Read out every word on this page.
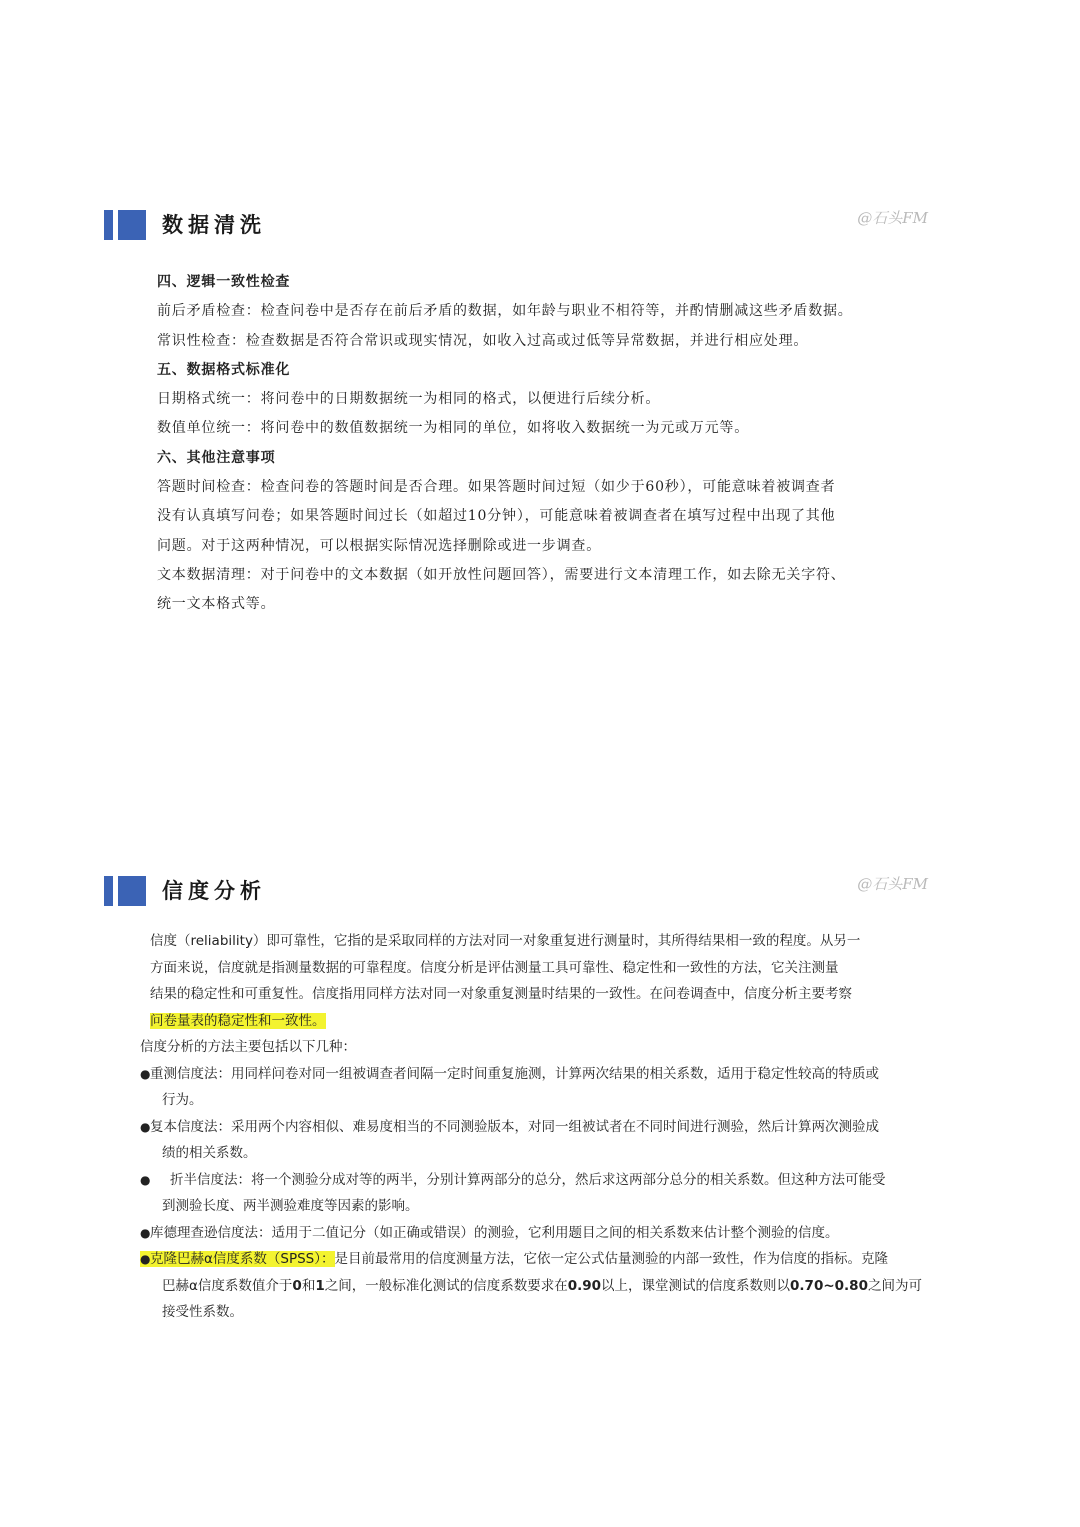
数据清洗	@石头FM
四、逻辑一致性检查
前后矛盾检查：检查问卷中是否存在前后矛盾的数据，如年龄与职业不相符等，并酌情删减这些矛盾数据。
常识性检查：检查数据是否符合常识或现实情况，如收入过高或过低等异常数据，并进行相应处理。
五、数据格式标准化
日期格式统一：将问卷中的日期数据统一为相同的格式，以便进行后续分析。
数值单位统一：将问卷中的数值数据统一为相同的单位，如将收入数据统一为元或万元等。
六、其他注意事项
答题时间检查：检查问卷的答题时间是否合理。如果答题时间过短（如少于60秒），可能意味着被调查者
没有认真填写问卷；如果答题时间过长（如超过10分钟），可能意味着被调查者在填写过程中出现了其他
问题。对于这两种情况，可以根据实际情况选择删除或进一步调查。
文本数据清理：对于问卷中的文本数据（如开放性问题回答），需要进行文本清理工作，如去除无关字符、
统一文本格式等。
信度分析	@石头FM
信度（reliability）即可靠性，它指的是采取同样的方法对同一对象重复进行测量时，其所得结果相一致的程度。从另一
方面来说，信度就是指测量数据的可靠程度。信度分析是评估测量工具可靠性、稳定性和一致性的方法，它关注测量
结果的稳定性和可重复性。信度指用同样方法对同一对象重复测量时结果的一致性。在问卷调查中，信度分析主要考察
问卷量表的稳定性和一致性。
信度分析的方法主要包括以下几种：
●重测信度法：用同样问卷对同一组被调查者间隔一定时间重复施测，计算两次结果的相关系数，适用于稳定性较高的特质或
行为。
●复本信度法：采用两个内容相似、难易度相当的不同测验版本，对同一组被试者在不同时间进行测验，然后计算两次测验成
绩的相关系数。
● 折半信度法：将一个测验分成对等的两半，分别计算两部分的总分，然后求这两部分总分的相关系数。但这种方法可能受
到测验长度、两半测验难度等因素的影响。
●库德理查逊信度法：适用于二值记分（如正确或错误）的测验，它利用题目之间的相关系数来估计整个测验的信度。
●克隆巴赫α信度系数（SPSS）：是目前最常用的信度测量方法，它依一定公式估量测验的内部一致性，作为信度的指标。克隆
巴赫α信度系数值介于0和1之间，一般标准化测试的信度系数要求在0.90以上，课堂测试的信度系数则以0.70~0.80之间为可
接受性系数。
